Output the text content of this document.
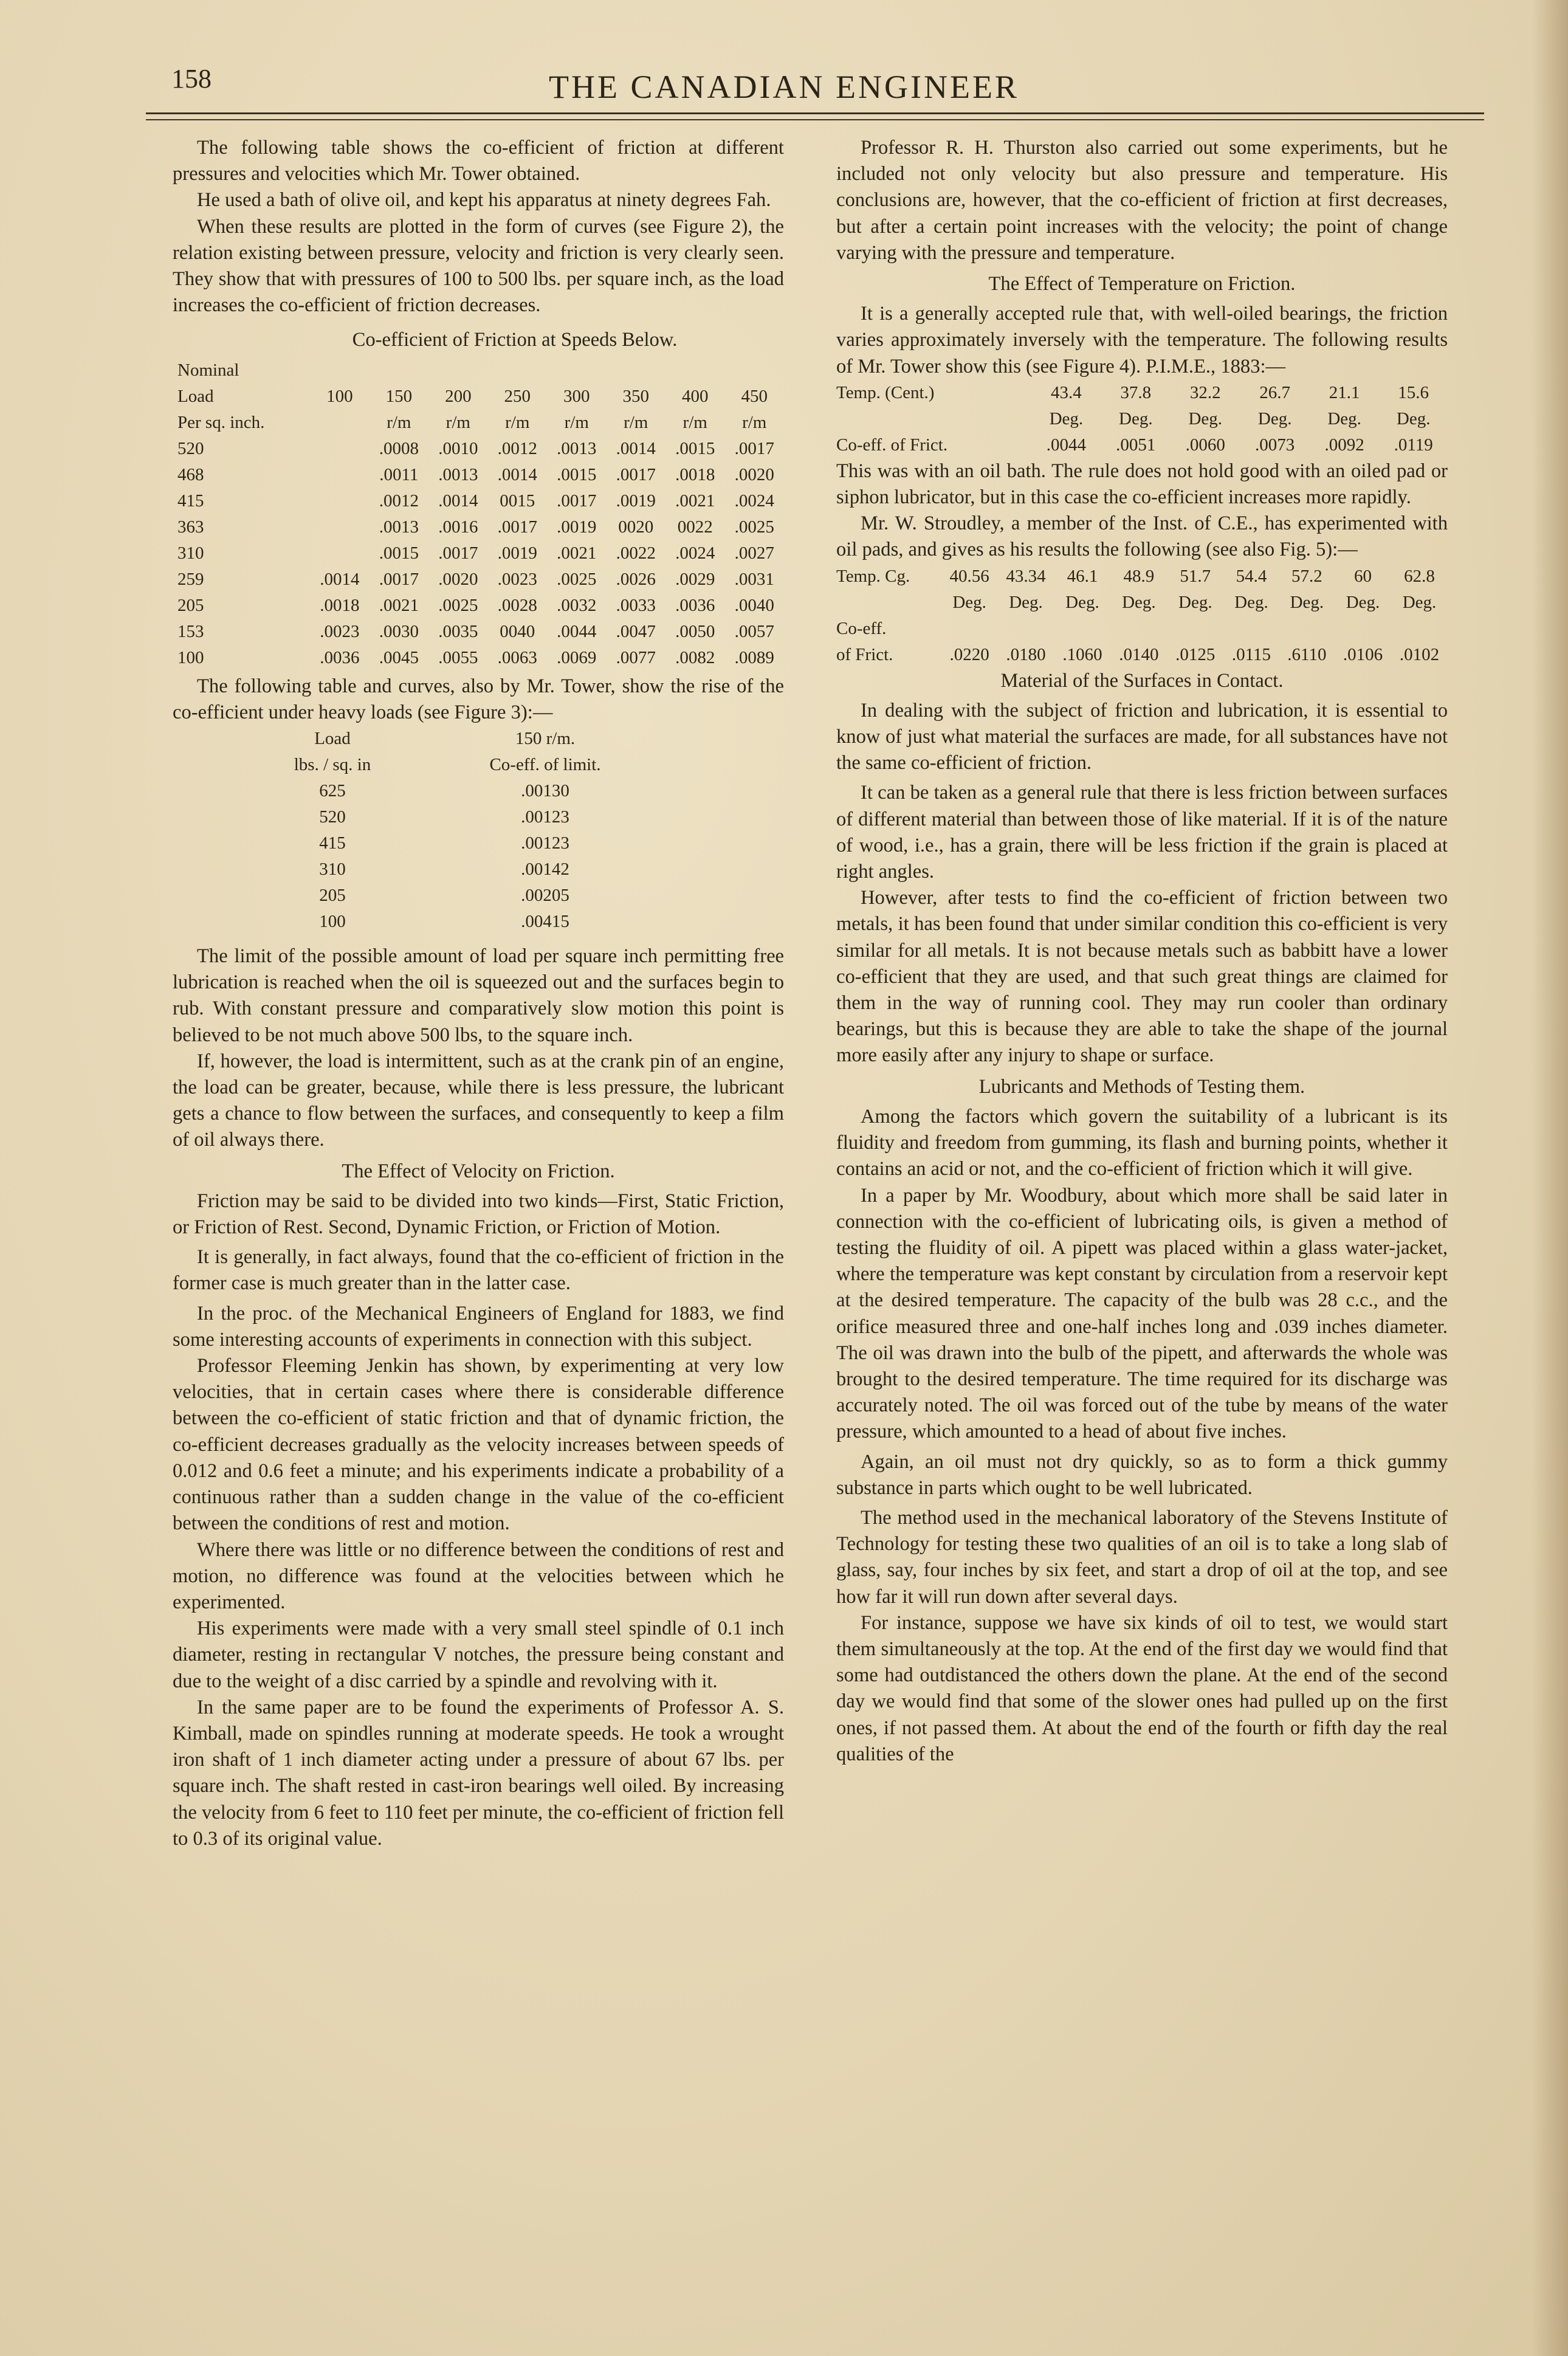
158	THE CANADIAN ENGINEER

The following table shows the co-efficient of friction at different pressures and velocities which Mr. Tower obtained.

He used a bath of olive oil, and kept his apparatus at ninety degrees Fah.

When these results are plotted in the form of curves (see Figure 2), the relation existing between pressure, velocity and friction is very clearly seen. They show that with pressures of 100 to 500 lbs. per square inch, as the load increases the co-efficient of friction decreases.

Co-efficient of Friction at Speeds Below.

Nominal								
Load	100	150	200	250	300	350	400	450
Per sq. inch.		r/m	r/m	r/m	r/m	r/m	r/m	r/m
520		.0008	.0010	.0012	.0013	.0014	.0015	.0017
468		.0011	.0013	.0014	.0015	.0017	.0018	.0020
415		.0012	.0014	0015	.0017	.0019	.0021	.0024
363		.0013	.0016	.0017	.0019	0020	0022	.0025
310		.0015	.0017	.0019	.0021	.0022	.0024	.0027
259	.0014	.0017	.0020	.0023	.0025	.0026	.0029	.0031
205	.0018	.0021	.0025	.0028	.0032	.0033	.0036	.0040
153	.0023	.0030	.0035	0040	.0044	.0047	.0050	.0057
100	.0036	.0045	.0055	.0063	.0069	.0077	.0082	.0089

The following table and curves, also by Mr. Tower, show the rise of the co-efficient under heavy loads (see Figure 3):—

Load	150 r/m.
lbs. / sq. in	Co-eff. of limit.
625	.00130
520	.00123
415	.00123
310	.00142
205	.00205
100	.00415

The limit of the possible amount of load per square inch permitting free lubrication is reached when the oil is squeezed out and the surfaces begin to rub. With constant pressure and comparatively slow motion this point is believed to be not much above 500 lbs, to the square inch.

If, however, the load is intermittent, such as at the crank pin of an engine, the load can be greater, because, while there is less pressure, the lubricant gets a chance to flow between the surfaces, and consequently to keep a film of oil always there.

The Effect of Velocity on Friction.

Friction may be said to be divided into two kinds—First, Static Friction, or Friction of Rest. Second, Dynamic Friction, or Friction of Motion.

It is generally, in fact always, found that the co-efficient of friction in the former case is much greater than in the latter case.

In the proc. of the Mechanical Engineers of England for 1883, we find some interesting accounts of experiments in connection with this subject.

Professor Fleeming Jenkin has shown, by experimenting at very low velocities, that in certain cases where there is considerable difference between the co-efficient of static friction and that of dynamic friction, the co-efficient decreases gradually as the velocity increases between speeds of 0.012 and 0.6 feet a minute; and his experiments indicate a probability of a continuous rather than a sudden change in the value of the co-efficient between the conditions of rest and motion.

Where there was little or no difference between the conditions of rest and motion, no difference was found at the velocities between which he experimented.

His experiments were made with a very small steel spindle of 0.1 inch diameter, resting in rectangular V notches, the pressure being constant and due to the weight of a disc carried by a spindle and revolving with it.

In the same paper are to be found the experiments of Professor A. S. Kimball, made on spindles running at moderate speeds. He took a wrought iron shaft of 1 inch diameter acting under a pressure of about 67 lbs. per square inch. The shaft rested in cast-iron bearings well oiled. By increasing the velocity from 6 feet to 110 feet per minute, the co-efficient of friction fell to 0.3 of its original value.

Professor R. H. Thurston also carried out some experiments, but he included not only velocity but also pressure and temperature. His conclusions are, however, that the co-efficient of friction at first decreases, but after a certain point increases with the velocity; the point of change varying with the pressure and temperature.

The Effect of Temperature on Friction.

It is a generally accepted rule that, with well-oiled bearings, the friction varies approximately inversely with the temperature. The following results of Mr. Tower show this (see Figure 4). P.I.M.E., 1883:—

Temp. (Cent.)	43.4	37.8	32.2	26.7	21.1	15.6
	Deg.	Deg.	Deg.	Deg.	Deg.	Deg.
Co-eff. of Frict.	.0044	.0051	.0060	.0073	.0092	.0119

This was with an oil bath. The rule does not hold good with an oiled pad or siphon lubricator, but in this case the co-efficient increases more rapidly.

Mr. W. Stroudley, a member of the Inst. of C.E., has experimented with oil pads, and gives as his results the following (see also Fig. 5):—

Temp. Cg.	40.56	43.34	46.1	48.9	51.7	54.4	57.2	60	62.8
	Deg.	Deg.	Deg.	Deg.	Deg.	Deg.	Deg.	Deg.	Deg.
Co-eff.									
of Frict.	.0220	.0180	.1060	.0140	.0125	.0115	.6110	.0106	.0102

Material of the Surfaces in Contact.

In dealing with the subject of friction and lubrication, it is essential to know of just what material the surfaces are made, for all substances have not the same co-efficient of friction.

It can be taken as a general rule that there is less friction between surfaces of different material than between those of like material. If it is of the nature of wood, i.e., has a grain, there will be less friction if the grain is placed at right angles.

However, after tests to find the co-efficient of friction between two metals, it has been found that under similar condition this co-efficient is very similar for all metals. It is not because metals such as babbitt have a lower co-efficient that they are used, and that such great things are claimed for them in the way of running cool. They may run cooler than ordinary bearings, but this is because they are able to take the shape of the journal more easily after any injury to shape or surface.

Lubricants and Methods of Testing them.

Among the factors which govern the suitability of a lubricant is its fluidity and freedom from gumming, its flash and burning points, whether it contains an acid or not, and the co-efficient of friction which it will give.

In a paper by Mr. Woodbury, about which more shall be said later in connection with the co-efficient of lubricating oils, is given a method of testing the fluidity of oil. A pipett was placed within a glass water-jacket, where the temperature was kept constant by circulation from a reservoir kept at the desired temperature. The capacity of the bulb was 28 c.c., and the orifice measured three and one-half inches long and .039 inches diameter. The oil was drawn into the bulb of the pipett, and afterwards the whole was brought to the desired temperature. The time required for its discharge was accurately noted. The oil was forced out of the tube by means of the water pressure, which amounted to a head of about five inches.

Again, an oil must not dry quickly, so as to form a thick gummy substance in parts which ought to be well lubricated.

The method used in the mechanical laboratory of the Stevens Institute of Technology for testing these two qualities of an oil is to take a long slab of glass, say, four inches by six feet, and start a drop of oil at the top, and see how far it will run down after several days.

For instance, suppose we have six kinds of oil to test, we would start them simultaneously at the top. At the end of the first day we would find that some had outdistanced the others down the plane. At the end of the second day we would find that some of the slower ones had pulled up on the first ones, if not passed them. At about the end of the fourth or fifth day the real qualities of the
